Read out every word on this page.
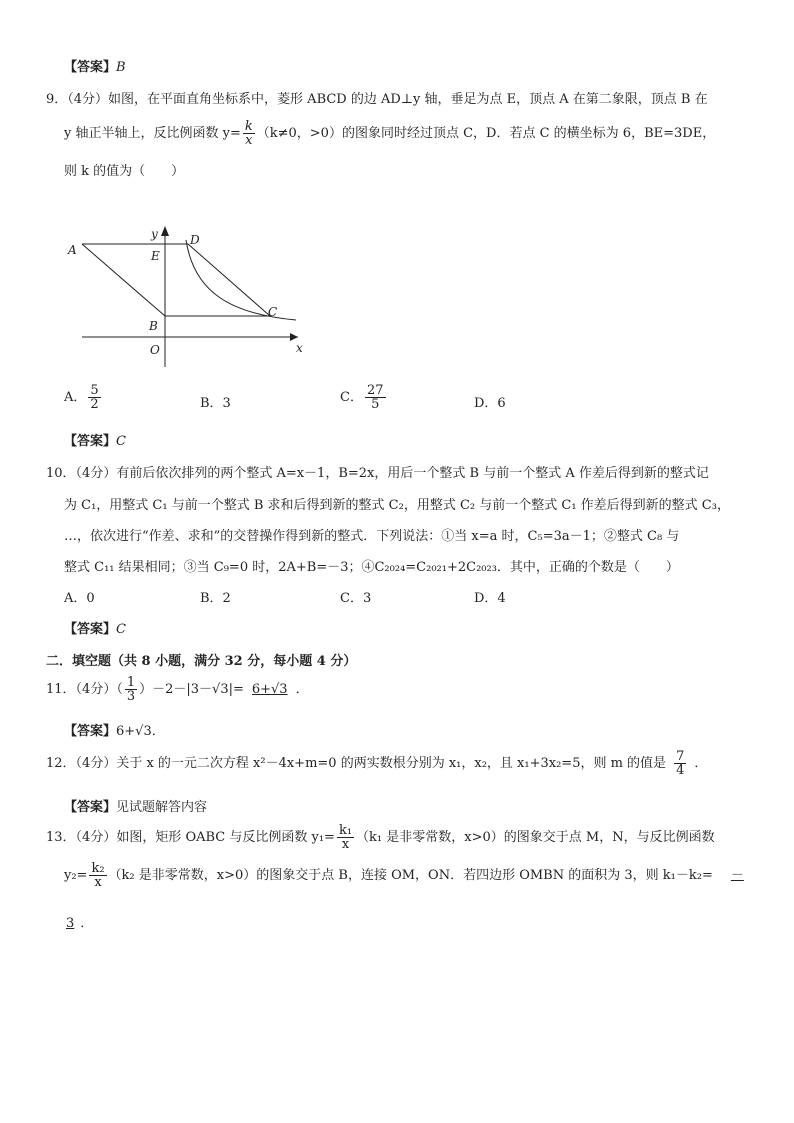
【答案】B
9．（4分）如图，在平面直角坐标系中，菱形 ABCD 的边 AD⊥y 轴，垂足为点 E，顶点 A 在第二象限，顶点 B 在
y 轴正半轴上，反比例函数 $y= \frac{k}{x} (k\ne 0$，>0）的图象同时经过顶点 C，D．若点 C 的横坐标为 6，BE=3DE，
则 k 的值为（　　）
A
D
E
B
C
O	x
y
A． $\frac{5}{2}$	B．3	C． $\frac{27}{5}$	D．6
【答案】C
10．（4分）有前后依次排列的两个整式 A=x－1，B=2x，用后一个整式 B 与前一个整式 A 作差后得到新的整式记
为 C₁，用整式 C₁ 与前一个整式 B 求和后得到新的整式 C₂，用整式 C₂ 与前一个整式 C₁ 作差后得到新的整式 C₃，
…，依次进行“作差、求和”的交替操作得到新的整式．下列说法：①当 x=a 时，C₅=3a－1；②整式 C₈ 与
整式 C₁₁ 结果相同；③当 C₉=0 时，2A+B=－3；④C₂₀₂₄=C₂₀₂₁+2C₂₀₂₃．其中，正确的个数是（　　）
A．0	B．2	C．3	D．4
【答案】C
二．填空题（共 8 小题，满分 32 分，每小题 4 分）
11．（4分）（ $\frac{1}{3} )-2-|3-√3|= 6+√3$ ．
【答案】6+√3．
12．（4分）关于 x 的一元二次方程 x²－4x+m=0 的两实数根分别为 x₁，x₂，且 x₁+3x₂=5，则 m 的值是 $\frac{7}{4}$ ．
【答案】见试题解答内容
13．（4分）如图，矩形 OABC 与反比例函数 $y_1= \frac{\text{k₁}}{x} (k_1$ 是非零常数，x>0）的图象交于点 M，N，与反比例函数
$y_2= \frac{\text{k₂}}{x} (k_2$ 是非零常数，x>0）的图象交于点 B，连接 OM，ON．若四边形 OMBN 的面积为 3，则 k₁－k₂= －
3 ．
